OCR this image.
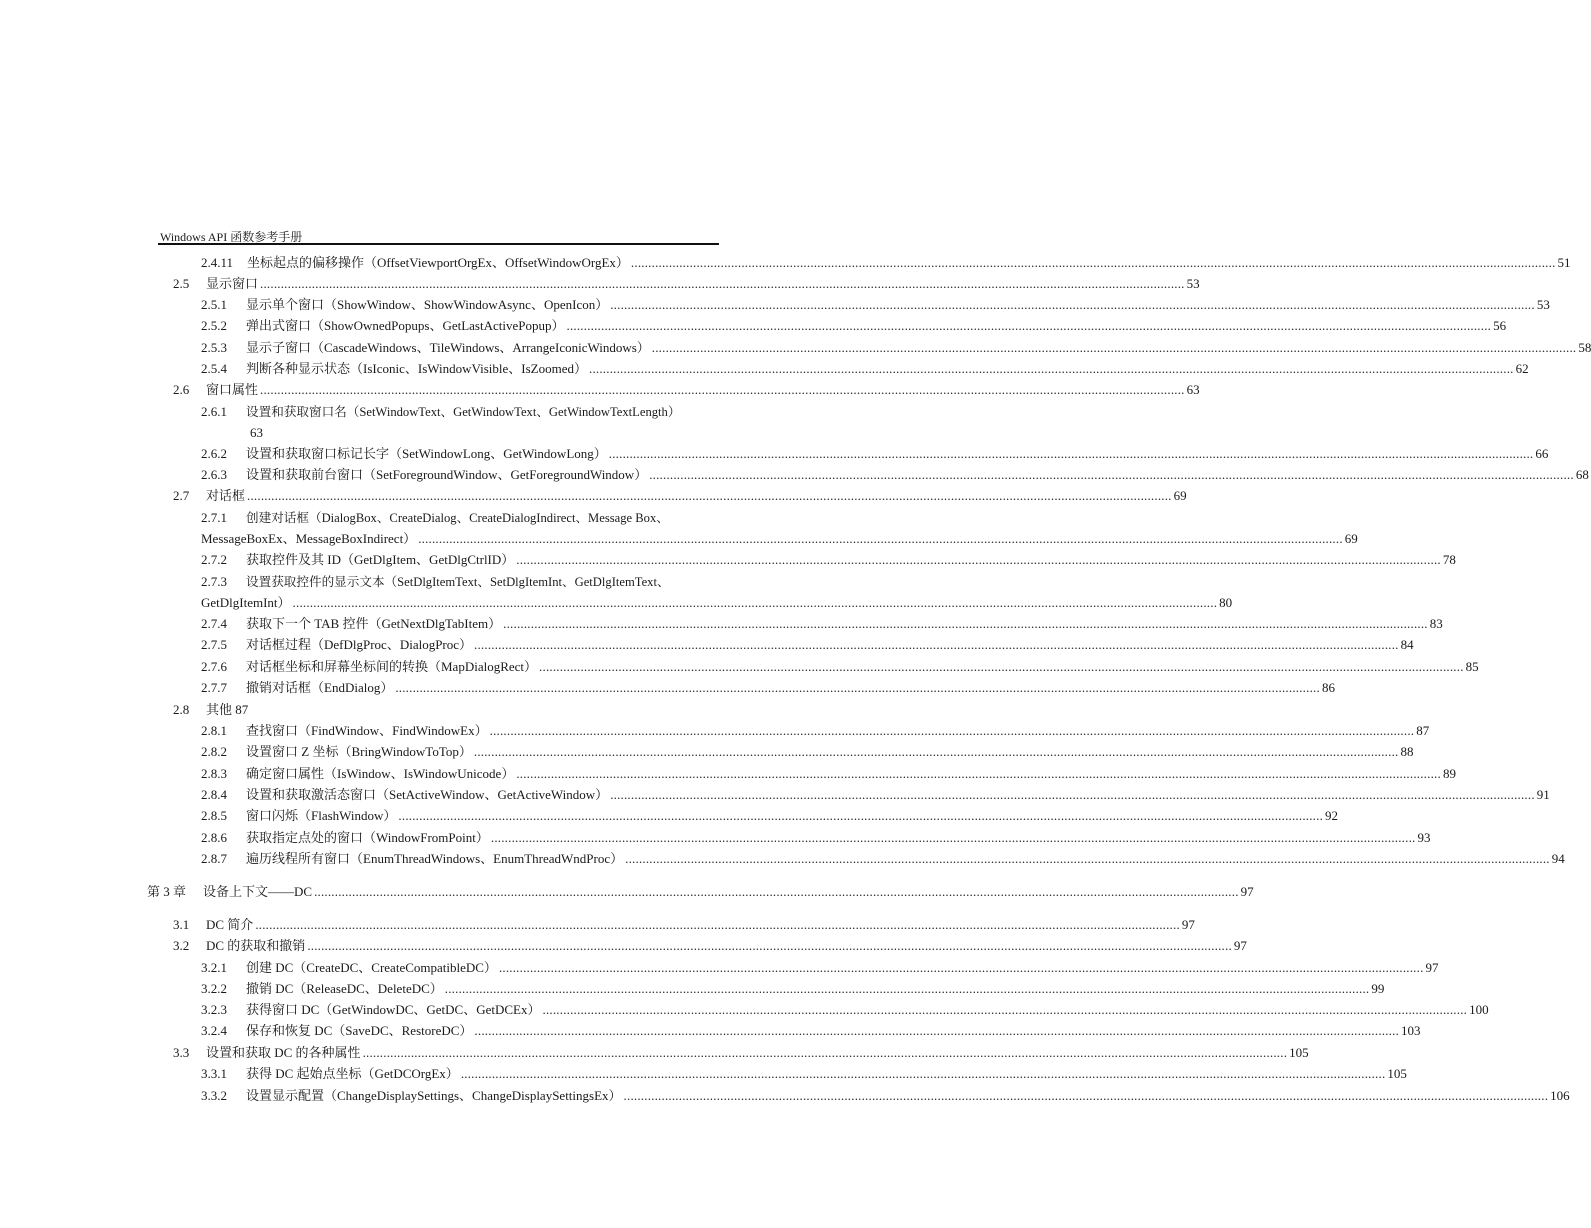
Windows API 函数参考手册
2.4.11	坐标起点的偏移操作（OffsetViewportOrgEx、OffsetWindowOrgEx） .....	51
2.5	显示窗口 .....	53
2.5.1	显示单个窗口（ShowWindow、ShowWindowAsync、OpenIcon） .....	53
2.5.2	弹出式窗口（ShowOwnedPopups、GetLastActivePopup） .....	56
2.5.3	显示子窗口（CascadeWindows、TileWindows、ArrangeIconicWindows） .....	58
2.5.4	判断各种显示状态（IsIconic、IsWindowVisible、IsZoomed） .....	62
2.6	窗口属性 .....	63
2.6.1	设置和获取窗口名（SetWindowText、GetWindowText、GetWindowTextLength）
63
2.6.2	设置和获取窗口标记长字（SetWindowLong、GetWindowLong） .....	66
2.6.3	设置和获取前台窗口（SetForegroundWindow、GetForegroundWindow） .....	68
2.7	对话框 .....	69
2.7.1	创建对话框（DialogBox、CreateDialog、CreateDialogIndirect、Message Box、
MessageBoxEx、MessageBoxIndirect） .....	69
2.7.2	获取控件及其 ID（GetDlgItem、GetDlgCtrlID） .....	78
2.7.3	设置获取控件的显示文本（SetDlgItemText、SetDlgItemInt、GetDlgItemText、
GetDlgItemInt） .....	80
2.7.4	获取下一个 TAB 控件（GetNextDlgTabItem） .....	83
2.7.5	对话框过程（DefDlgProc、DialogProc） .....	84
2.7.6	对话框坐标和屏幕坐标间的转换（MapDialogRect） .....	85
2.7.7	撤销对话框（EndDialog） .....	86
2.8	其他 87
2.8.1	查找窗口（FindWindow、FindWindowEx） .....	87
2.8.2	设置窗口 Z 坐标（BringWindowToTop） .....	88
2.8.3	确定窗口属性（IsWindow、IsWindowUnicode） .....	89
2.8.4	设置和获取激活态窗口（SetActiveWindow、GetActiveWindow） .....	91
2.8.5	窗口闪烁（FlashWindow） .....	92
2.8.6	获取指定点处的窗口（WindowFromPoint） .....	93
2.8.7	遍历线程所有窗口（EnumThreadWindows、EnumThreadWndProc） .....	94
第 3 章	设备上下文——DC .....	97
3.1	DC 简介 .....	97
3.2	DC 的获取和撤销 .....	97
3.2.1	创建 DC（CreateDC、CreateCompatibleDC） .....	97
3.2.2	撤销 DC（ReleaseDC、DeleteDC） .....	99
3.2.3	获得窗口 DC（GetWindowDC、GetDC、GetDCEx） .....	100
3.2.4	保存和恢复 DC（SaveDC、RestoreDC） .....	103
3.3	设置和获取 DC 的各种属性 .....	105
3.3.1	获得 DC 起始点坐标（GetDCOrgEx） .....	105
3.3.2	设置显示配置（ChangeDisplaySettings、ChangeDisplaySettingsEx） .....	106
